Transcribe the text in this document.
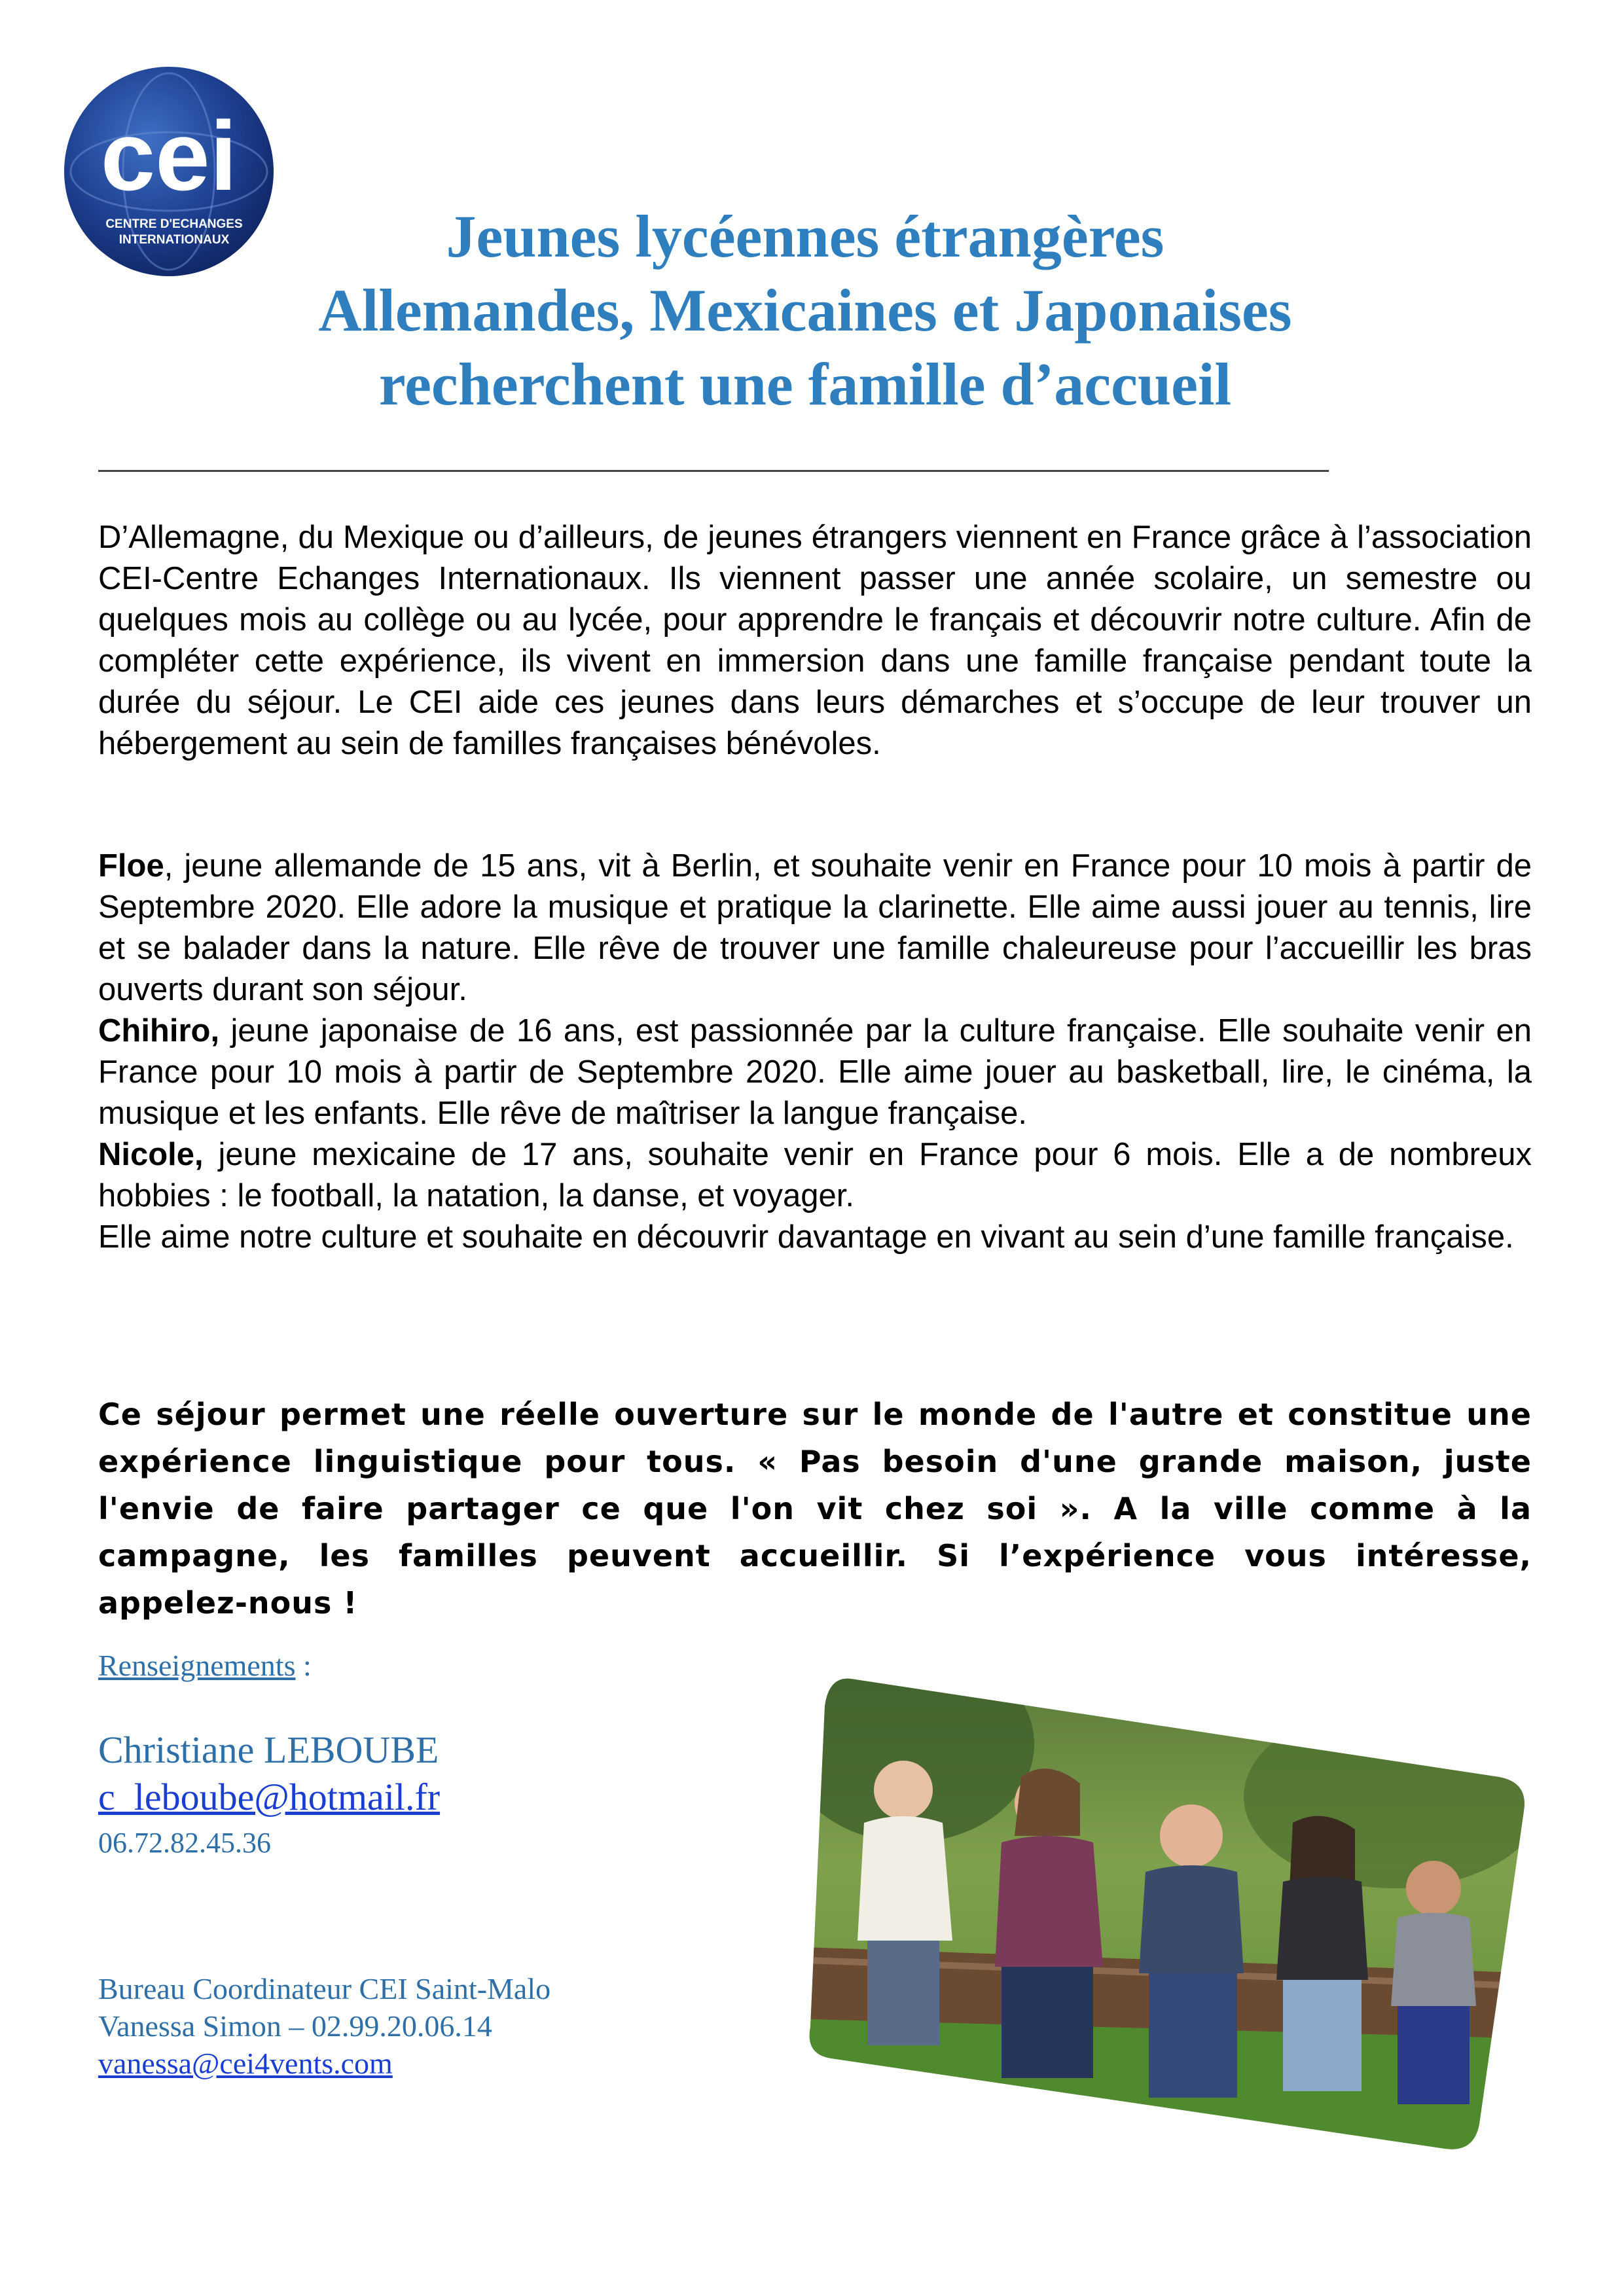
cei
CENTRE D'ECHANGES
INTERNATIONAUX	Jeunes lycéennes étrangères
Allemandes, Mexicaines et Japonaises
recherchent une famille d’accueil

D’Allemagne, du Mexique ou d’ailleurs, de jeunes étrangers viennent en France grâce à l’association CEI-Centre Echanges Internationaux. Ils viennent passer une année scolaire, un semestre ou quelques mois au collège ou au lycée, pour apprendre le français et découvrir notre culture. Afin de compléter cette expérience, ils vivent en immersion dans une famille française pendant toute la durée du séjour. Le CEI aide ces jeunes dans leurs démarches et s’occupe de leur trouver un hébergement au sein de familles françaises bénévoles.

Floe, jeune allemande de 15 ans, vit à Berlin, et souhaite venir en France pour 10 mois à partir de Septembre 2020. Elle adore la musique et pratique la clarinette. Elle aime aussi jouer au tennis, lire et se balader dans la nature. Elle rêve de trouver une famille chaleureuse pour l’accueillir les bras ouverts durant son séjour.

Chihiro, jeune japonaise de 16 ans, est passionnée par la culture française. Elle souhaite venir en France pour 10 mois à partir de Septembre 2020. Elle aime jouer au basketball, lire, le cinéma, la musique et les enfants. Elle rêve de maîtriser la langue française.

Nicole, jeune mexicaine de 17 ans, souhaite venir en France pour 6 mois. Elle a de nombreux hobbies : le football, la natation, la danse, et voyager.

Elle aime notre culture et souhaite en découvrir davantage en vivant au sein d’une famille française.

Ce séjour permet une réelle ouverture sur le monde de l'autre et constitue une expérience linguistique pour tous. « Pas besoin d'une grande maison, juste l'envie de faire partager ce que l'on vit chez soi ». A la ville comme à la campagne, les familles peuvent accueillir. Si l’expérience vous intéresse, appelez-nous !
Renseignements :
Christiane LEBOUBE
c_leboube@hotmail.fr
06.72.82.45.36
Bureau Coordinateur CEI Saint-Malo
Vanessa Simon – 02.99.20.06.14
vanessa@cei4vents.com
